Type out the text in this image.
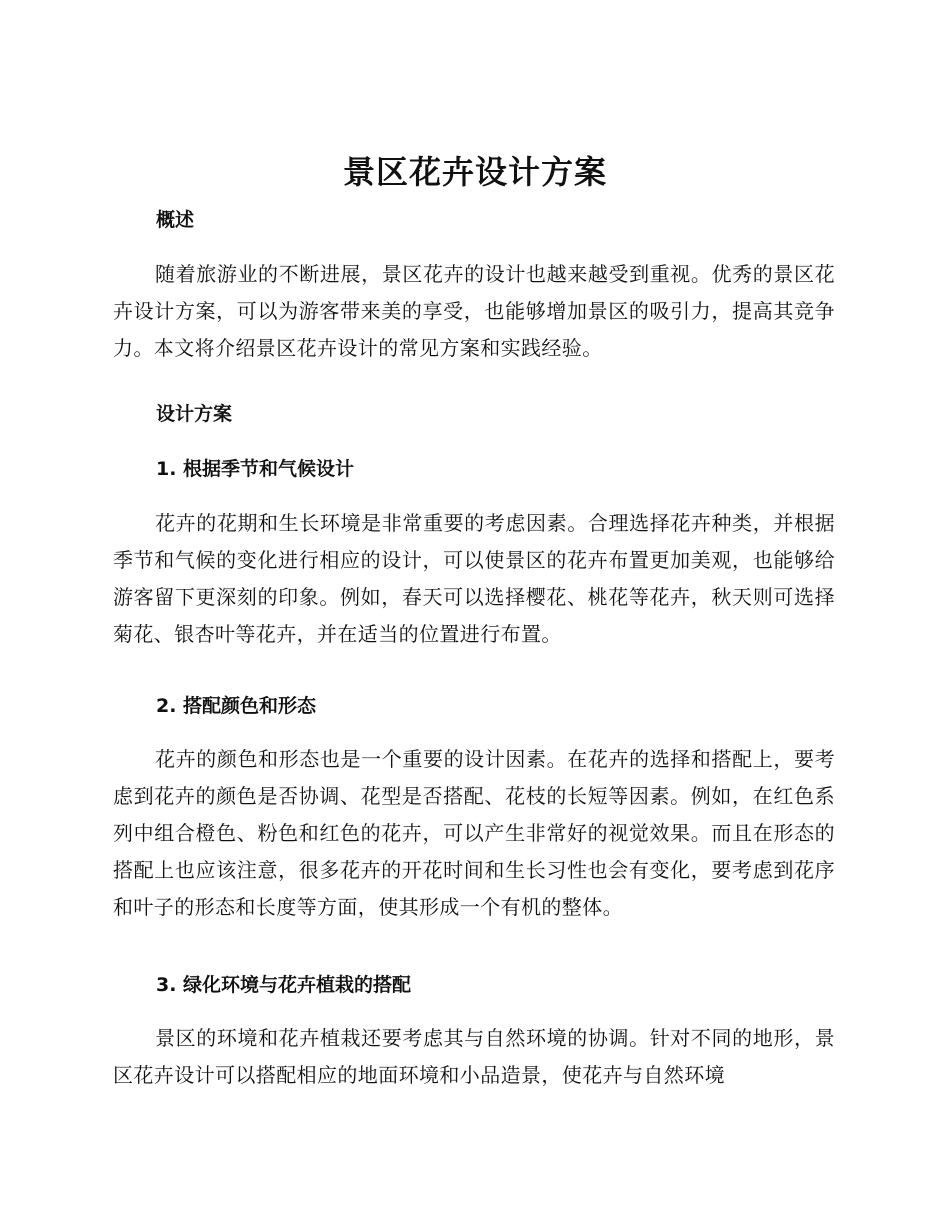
景区花卉设计方案
概述

随着旅游业的不断进展，景区花卉的设计也越来越受到重视。优秀的景区花卉设计方案，可以为游客带来美的享受，也能够增加景区的吸引力，提高其竞争力。本文将介绍景区花卉设计的常见方案和实践经验。

设计方案
1. 根据季节和气候设计

花卉的花期和生长环境是非常重要的考虑因素。合理选择花卉种类，并根据季节和气候的变化进行相应的设计，可以使景区的花卉布置更加美观，也能够给游客留下更深刻的印象。例如，春天可以选择樱花、桃花等花卉，秋天则可选择菊花、银杏叶等花卉，并在适当的位置进行布置。

2. 搭配颜色和形态

花卉的颜色和形态也是一个重要的设计因素。在花卉的选择和搭配上，要考虑到花卉的颜色是否协调、花型是否搭配、花枝的长短等因素。例如，在红色系列中组合橙色、粉色和红色的花卉，可以产生非常好的视觉效果。而且在形态的搭配上也应该注意，很多花卉的开花时间和生长习性也会有变化，要考虑到花序和叶子的形态和长度等方面，使其形成一个有机的整体。

3. 绿化环境与花卉植栽的搭配

景区的环境和花卉植栽还要考虑其与自然环境的协调。针对不同的地形，景区花卉设计可以搭配相应的地面环境和小品造景，使花卉与自然环境
